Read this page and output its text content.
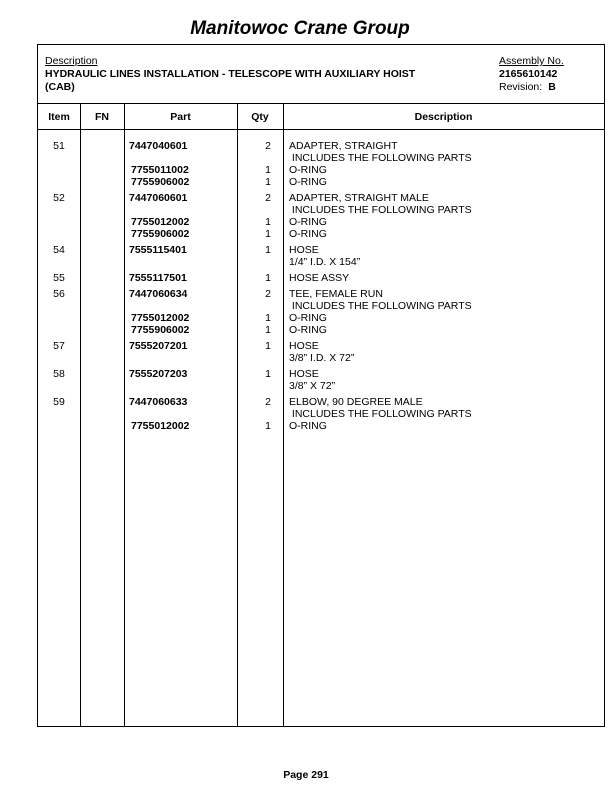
Manitowoc Crane Group
Description
HYDRAULIC LINES INSTALLATION - TELESCOPE WITH AUXILIARY HOIST
(CAB)
Assembly No.
2165610142
Revision: B
Item	FN	Part	Qty	Description
51	7447040601	2	ADAPTER, STRAIGHT
INCLUDES THE FOLLOWING PARTS
7755011002	1	O-RING
7755906002	1	O-RING
52	7447060601	2	ADAPTER, STRAIGHT MALE
INCLUDES THE FOLLOWING PARTS
7755012002	1	O-RING
7755906002	1	O-RING
54	7555115401	1	HOSE
1/4” I.D. X 154”
55	7555117501	1	HOSE ASSY
56	7447060634	2	TEE, FEMALE RUN
INCLUDES THE FOLLOWING PARTS
7755012002	1	O-RING
7755906002	1	O-RING
57	7555207201	1	HOSE
3/8” I.D. X 72”
58	7555207203	1	HOSE
3/8” X 72”
59	7447060633	2	ELBOW, 90 DEGREE MALE
INCLUDES THE FOLLOWING PARTS
7755012002	1	O-RING
Page 291
